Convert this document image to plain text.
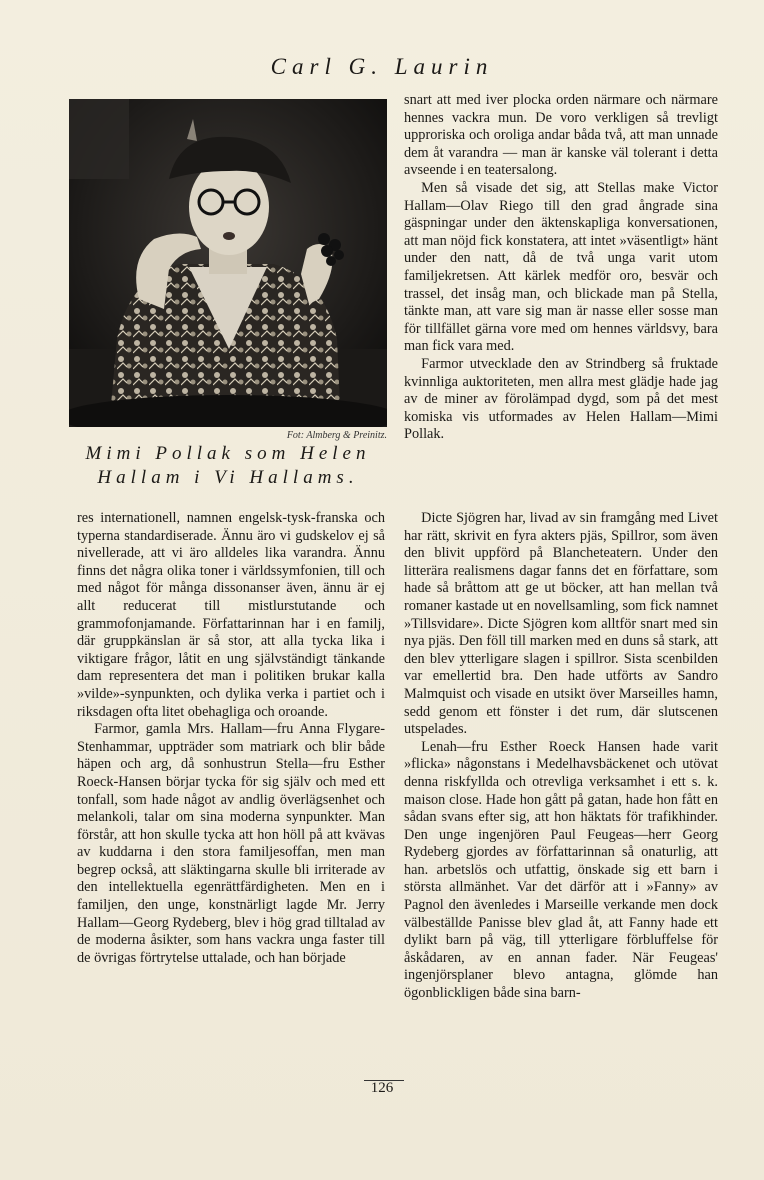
Carl G. Laurin
Fot: Almberg & Preinitz.
Mimi Pollak som Helen
Hallam i Vi Hallams.

snart att med iver plocka orden närmare och närmare hennes vackra mun. De voro verkligen så trevligt upproriska och oroliga andar båda två, att man unnade dem åt varandra — man är kanske väl tolerant i detta avseende i en teatersalong.

Men så visade det sig, att Stellas make Victor Hallam—Olav Riego till den grad ångrade sina gäspningar under den äktenskapliga konversationen, att man nöjd fick konstatera, att intet »väsentligt» hänt under den natt, då de två unga varit utom familjekretsen. Att kärlek medför oro, besvär och trassel, det insåg man, och blickade man på Stella, tänkte man, att vare sig man är nasse eller sosse man för tillfället gärna vore med om hennes världsvy, bara man fick vara med.

Farmor utvecklade den av Strindberg så fruktade kvinnliga auktoriteten, men allra mest glädje hade jag av de miner av förolämpad dygd, som på det mest komiska vis utformades av Helen Hallam—Mimi Pollak.

res internationell, namnen engelsk-tysk-franska och typerna standardiserade. Ännu äro vi gudskelov ej så nivellerade, att vi äro alldeles lika varandra. Ännu finns det några olika toner i världssymfonien, till och med något för många dissonanser även, ännu är ej allt reducerat till mistlurstutande och grammofonjamande. Författarinnan har i en familj, där gruppkänslan är så stor, att alla tycka lika i viktigare frågor, låtit en ung självständigt tänkande dam representera det man i politiken brukar kalla »vilde»-synpunkten, och dylika verka i partiet och i riksdagen ofta litet obehagliga och oroande.

Farmor, gamla Mrs. Hallam—fru Anna Flygare-Stenhammar, uppträder som matriark och blir både häpen och arg, då sonhustrun Stella—fru Esther Roeck-Hansen börjar tycka för sig själv och med ett tonfall, som hade något av andlig överlägsenhet och melankoli, talar om sina moderna synpunkter. Man förstår, att hon skulle tycka att hon höll på att kvävas av kuddarna i den stora familjesoffan, men man begrep också, att släktingarna skulle bli irriterade av den intellektuella egenrättfärdigheten. Men en i familjen, den unge, konstnärligt lagde Mr. Jerry Hallam—Georg Rydeberg, blev i hög grad tilltalad av de moderna åsikter, som hans vackra unga faster till de övrigas förtrytelse uttalade, och han började

Dicte Sjögren har, livad av sin framgång med Livet har rätt, skrivit en fyra akters pjäs, Spillror, som även den blivit uppförd på Blancheteatern. Under den litterära realismens dagar fanns det en författare, som hade så bråttom att ge ut böcker, att han mellan två romaner kastade ut en novellsamling, som fick namnet »Tillsvidare». Dicte Sjögren kom alltför snart med sin nya pjäs. Den föll till marken med en duns så stark, att den blev ytterligare slagen i spillror. Sista scenbilden var emellertid bra. Den hade utförts av Sandro Malmquist och visade en utsikt över Marseilles hamn, sedd genom ett fönster i det rum, där slutscenen utspelades.

Lenah—fru Esther Roeck Hansen hade varit »flicka» någonstans i Medelhavsbäckenet och utövat denna riskfyllda och otrevliga verksamhet i ett s. k. maison close. Hade hon gått på gatan, hade hon fått en sådan svans efter sig, att hon häktats för trafikhinder. Den unge ingenjören Paul Feugeas—herr Georg Rydeberg gjordes av författarinnan så onaturlig, att han. arbetslös och utfattig, önskade sig ett barn i största allmänhet. Var det därför att i »Fanny» av Pagnol den ävenledes i Marseille verkande men dock välbeställde Panisse blev glad åt, att Fanny hade ett dylikt barn på väg, till ytterligare förbluffelse för åskådaren, av en annan fader. När Feugeas' ingenjörsplaner blevo antagna, glömde han ögonblickligen både sina barn-

126
